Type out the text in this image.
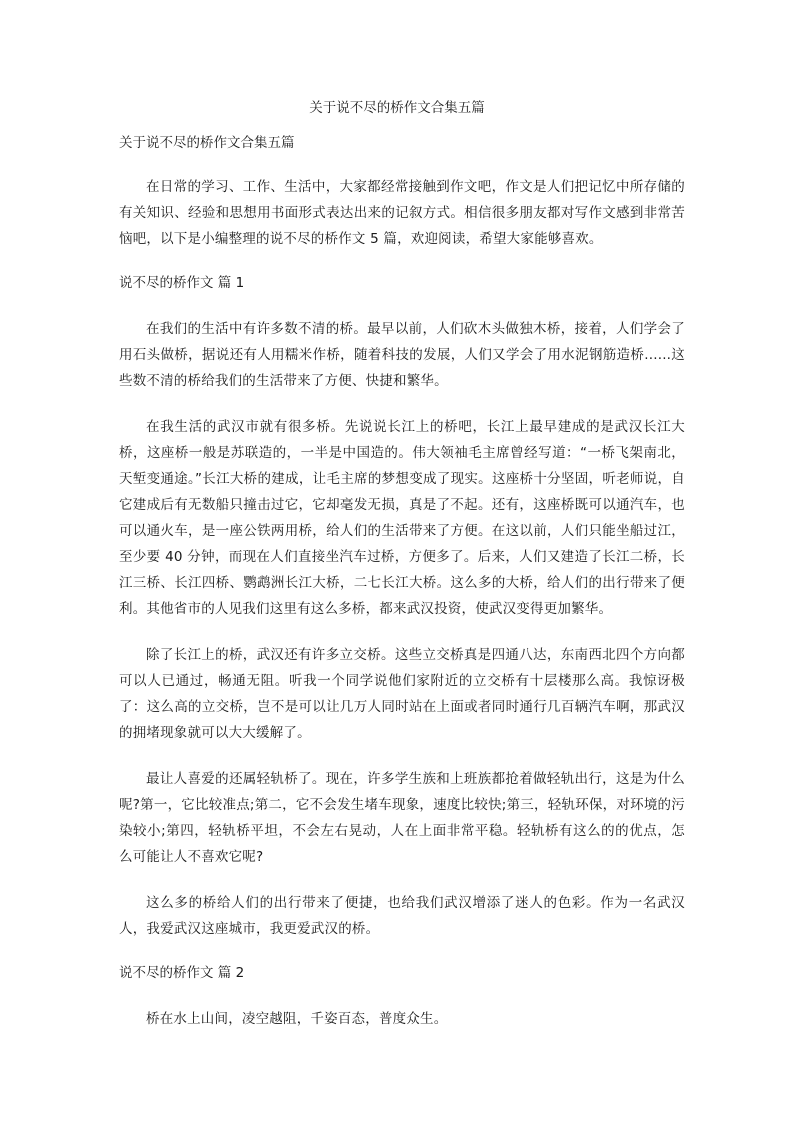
关于说不尽的桥作文合集五篇
关于说不尽的桥作文合集五篇

在日常的学习、工作、生活中，大家都经常接触到作文吧，作文是人们把记忆中所存储的有关知识、经验和思想用书面形式表达出来的记叙方式。相信很多朋友都对写作文感到非常苦恼吧，以下是小编整理的说不尽的桥作文 5 篇，欢迎阅读，希望大家能够喜欢。

说不尽的桥作文 篇 1

在我们的生活中有许多数不清的桥。最早以前，人们砍木头做独木桥，接着，人们学会了用石头做桥，据说还有人用糯米作桥，随着科技的发展，人们又学会了用水泥钢筋造桥......这些数不清的桥给我们的生活带来了方便、快捷和繁华。

在我生活的武汉市就有很多桥。先说说长江上的桥吧，长江上最早建成的是武汉长江大桥，这座桥一般是苏联造的，一半是中国造的。伟大领袖毛主席曾经写道：“一桥飞架南北，天堑变通途。”长江大桥的建成，让毛主席的梦想变成了现实。这座桥十分坚固，听老师说，自它建成后有无数船只撞击过它，它却毫发无损，真是了不起。还有，这座桥既可以通汽车，也可以通火车，是一座公铁两用桥，给人们的生活带来了方便。在这以前，人们只能坐船过江，至少要 40 分钟，而现在人们直接坐汽车过桥，方便多了。后来，人们又建造了长江二桥，长江三桥、长江四桥、鹦鹉洲长江大桥，二七长江大桥。这么多的大桥，给人们的出行带来了便利。其他省市的人见我们这里有这么多桥，都来武汉投资，使武汉变得更加繁华。

除了长江上的桥，武汉还有许多立交桥。这些立交桥真是四通八达，东南西北四个方向都可以人已通过，畅通无阻。听我一个同学说他们家附近的立交桥有十层楼那么高。我惊讶极了：这么高的立交桥，岂不是可以让几万人同时站在上面或者同时通行几百辆汽车啊，那武汉的拥堵现象就可以大大缓解了。

最让人喜爱的还属轻轨桥了。现在，许多学生族和上班族都抢着做轻轨出行，这是为什么呢?第一，它比较准点;第二，它不会发生堵车现象，速度比较快;第三，轻轨环保，对环境的污染较小;第四，轻轨桥平坦，不会左右晃动，人在上面非常平稳。轻轨桥有这么的的优点，怎么可能让人不喜欢它呢?

这么多的桥给人们的出行带来了便捷，也给我们武汉增添了迷人的色彩。作为一名武汉人，我爱武汉这座城市，我更爱武汉的桥。

说不尽的桥作文 篇 2

桥在水上山间，凌空越阻，千姿百态，普度众生。
